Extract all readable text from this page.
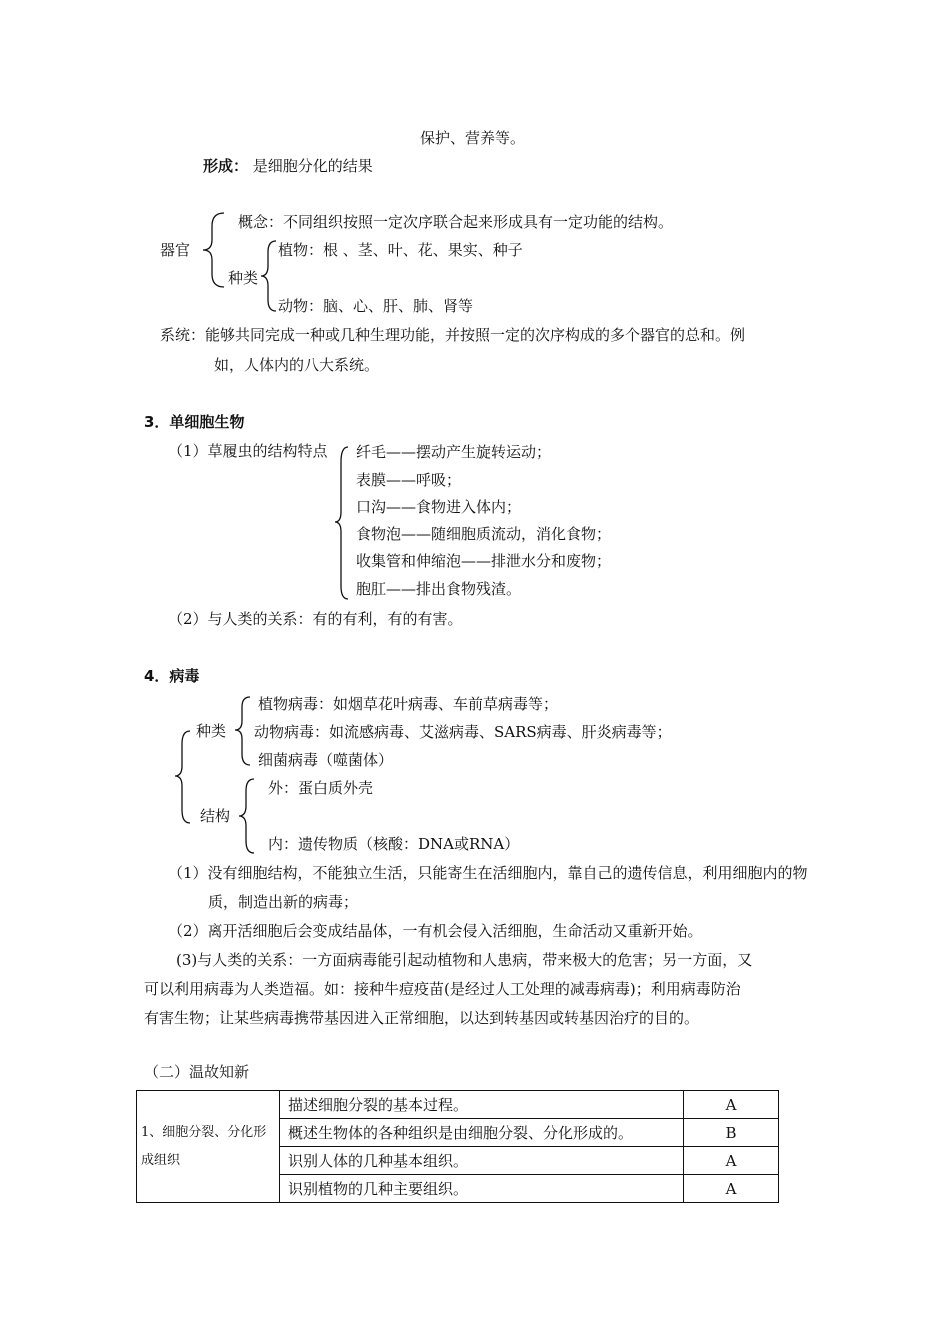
保护、营养等。
形成： 是细胞分化的结果
器官
概念：不同组织按照一定次序联合起来形成具有一定功能的结构。
种类
植物：根 、茎、叶、花、果实、种子
动物：脑、心、肝、肺、肾等
系统：能够共同完成一种或几种生理功能，并按照一定的次序构成的多个器官的总和。例
如，人体内的八大系统。
3．单细胞生物
（1）草履虫的结构特点 纤毛——摆动产生旋转运动；
表膜——呼吸；
口沟——食物进入体内；
食物泡——随细胞质流动，消化食物；
收集管和伸缩泡——排泄水分和废物；
胞肛——排出食物残渣。
（2）与人类的关系：有的有利，有的有害。
4．病毒
种类
植物病毒：如烟草花叶病毒、车前草病毒等；
动物病毒：如流感病毒、艾滋病毒、SARS病毒、肝炎病毒等；
细菌病毒（噬菌体）
结构
外：蛋白质外壳
内：遗传物质（核酸：DNA或RNA）
（1）没有细胞结构，不能独立生活，只能寄生在活细胞内，靠自己的遗传信息，利用细胞内的物
质，制造出新的病毒；
（2）离开活细胞后会变成结晶体，一有机会侵入活细胞，生命活动又重新开始。
(3)与人类的关系：一方面病毒能引起动植物和人患病，带来极大的危害；另一方面，又
可以利用病毒为人类造福。如：接种牛痘疫苗(是经过人工处理的减毒病毒)；利用病毒防治
有害生物；让某些病毒携带基因进入正常细胞，以达到转基因或转基因治疗的目的。
（二）温故知新
1、细胞分裂、分化形成组织	描述细胞分裂的基本过程。	A
	概述生物体的各种组织是由细胞分裂、分化形成的。	B
	识别人体的几种基本组织。	A
	识别植物的几种主要组织。	A
